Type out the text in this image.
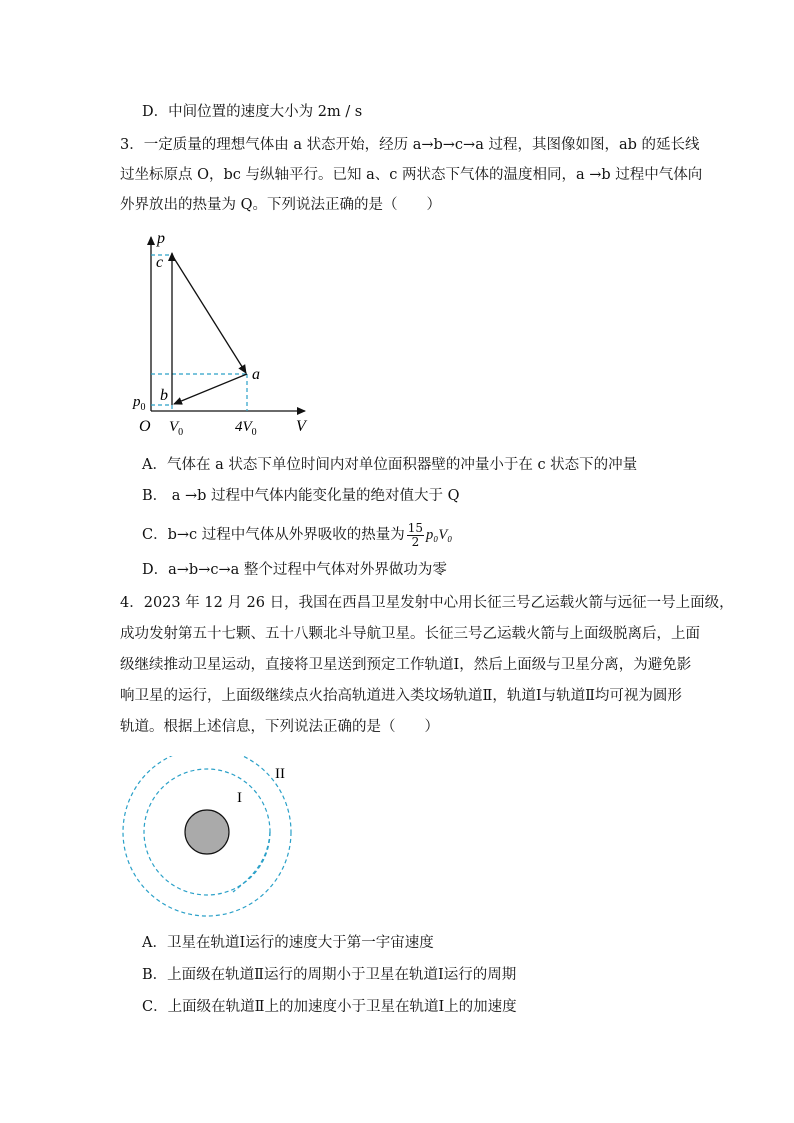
D．中间位置的速度大小为 2m / s
3．一定质量的理想气体由 a 状态开始，经历 a→b→c→a 过程，其图像如图，ab 的延长线
过坐标原点 O，bc 与纵轴平行。已知 a、c 两状态下气体的温度相同，a →b 过程中气体向
外界放出的热量为 Q。下列说法正确的是（　　）
p
c
a
b
$p_0$
O $V_0$	$4V_0$ V
A．气体在 a 状态下单位时间内对单位面积器壁的冲量小于在 c 状态下的冲量
B． a →b 过程中气体内能变化量的绝对值大于 Q
C．b→c 过程中气体从外界吸收的热量为 $\frac{15}{2} p_0V_0$
D．a→b→c→a 整个过程中气体对外界做功为零
4．2023 年 12 月 26 日，我国在西昌卫星发射中心用长征三号乙运载火箭与远征一号上面级，
成功发射第五十七颗、五十八颗北斗导航卫星。长征三号乙运载火箭与上面级脱离后，上面
级继续推动卫星运动，直接将卫星送到预定工作轨道Ⅰ，然后上面级与卫星分离，为避免影
响卫星的运行，上面级继续点火抬高轨道进入类坟场轨道Ⅱ，轨道Ⅰ与轨道Ⅱ均可视为圆形
轨道。根据上述信息，下列说法正确的是（　　）
II
I
A．卫星在轨道Ⅰ运行的速度大于第一宇宙速度
B．上面级在轨道Ⅱ运行的周期小于卫星在轨道Ⅰ运行的周期
C．上面级在轨道Ⅱ上的加速度小于卫星在轨道Ⅰ上的加速度
